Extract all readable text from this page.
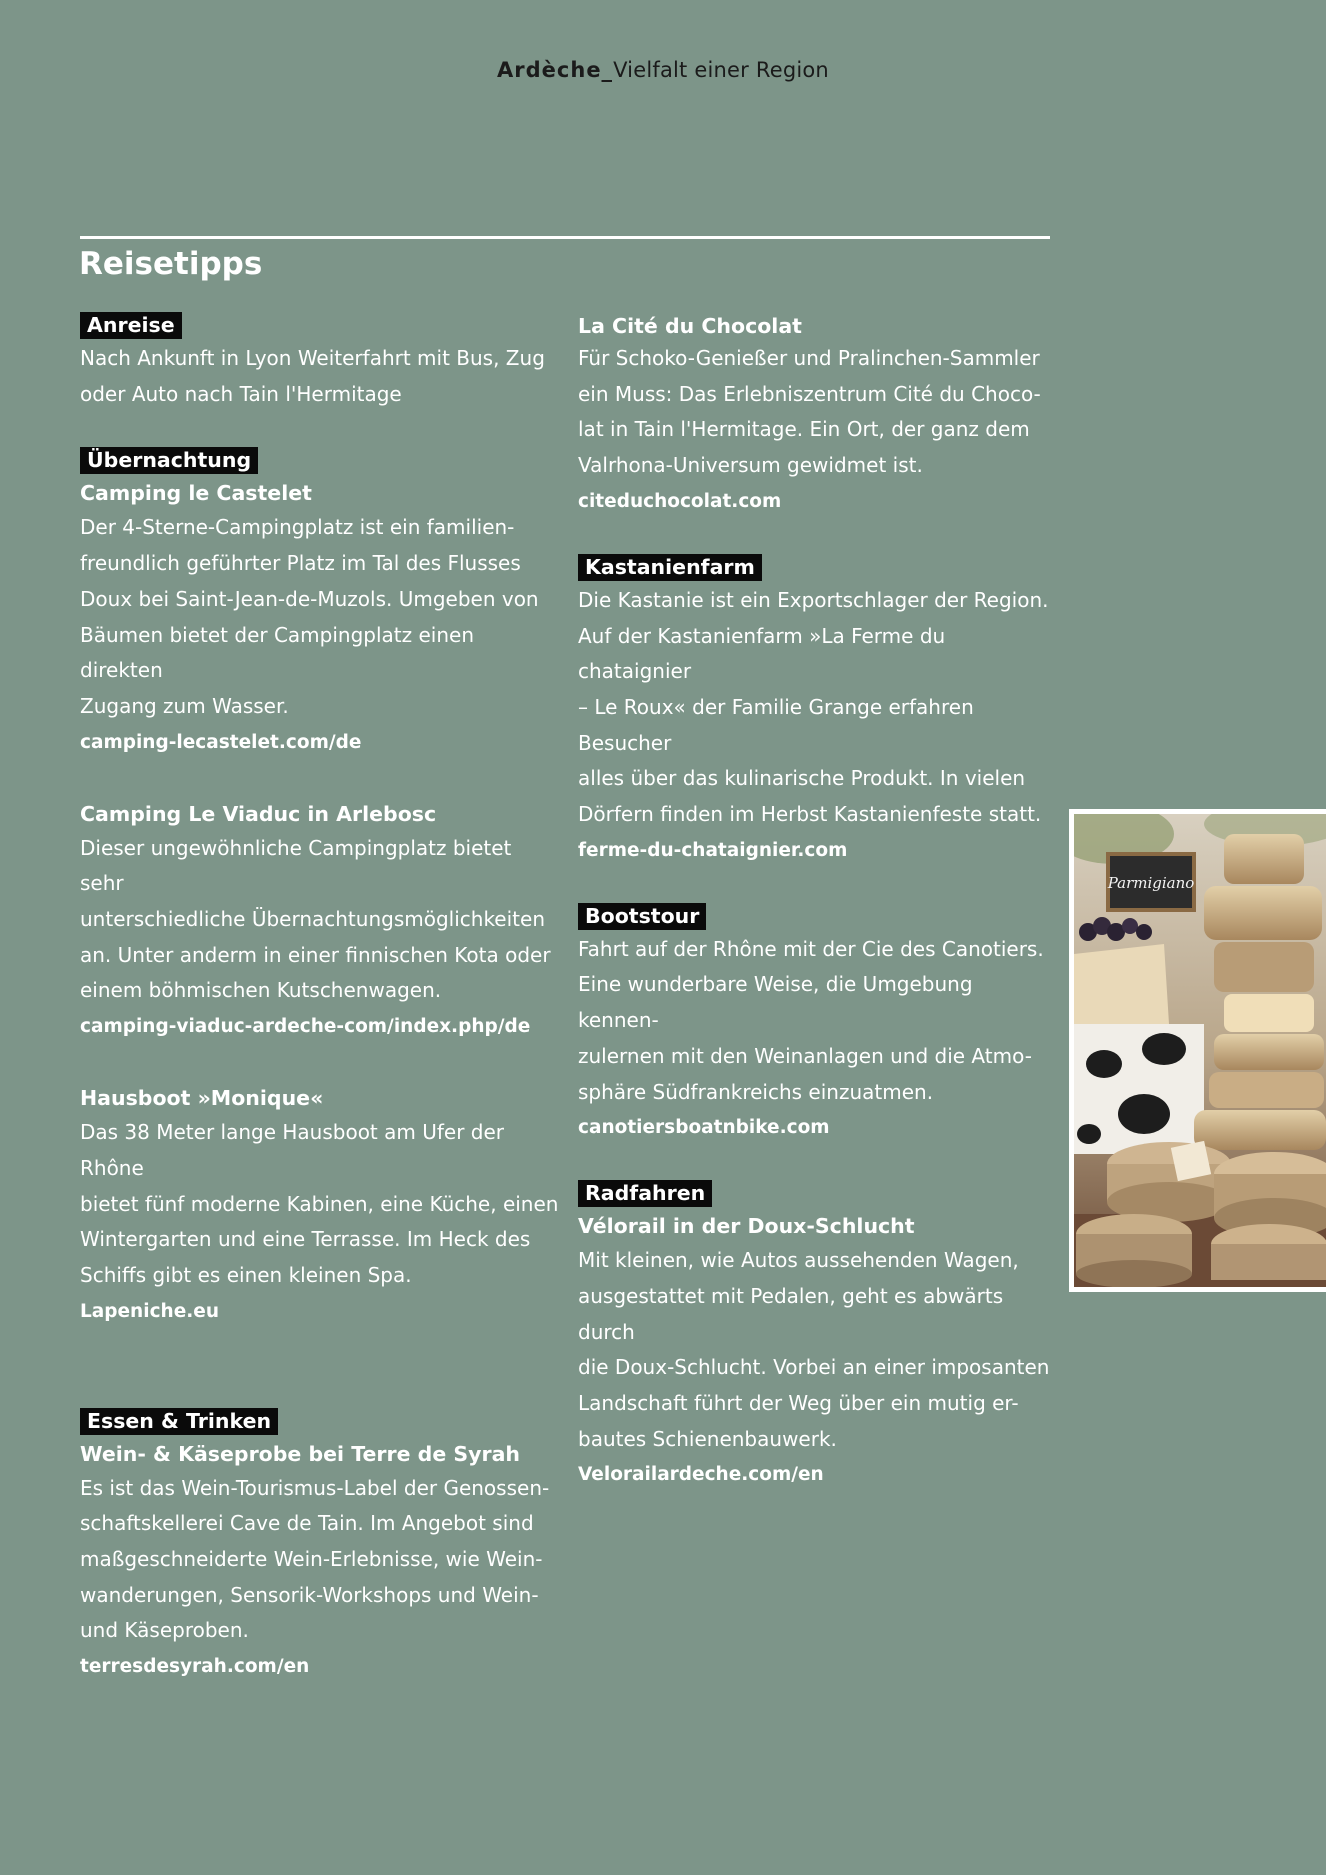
Ardèche_Vielfalt einer Region
Reisetipps
Anreise

Nach Ankunft in Lyon Weiterfahrt mit Bus, Zug
oder Auto nach Tain l'Hermitage

Übernachtung
Camping le Castelet

Der 4-Sterne-Campingplatz ist ein familien-
freundlich geführter Platz im Tal des Flusses
Doux bei Saint-Jean-de-Muzols. Umgeben von
Bäumen bietet der Campingplatz einen direkten
Zugang zum Wasser.

camping-lecastelet.com/de
Camping Le Viaduc in Arlebosc

Dieser ungewöhnliche Campingplatz bietet sehr
unterschiedliche Übernachtungsmöglichkeiten
an. Unter anderm in einer finnischen Kota oder
einem böhmischen Kutschenwagen.

camping-viaduc-ardeche-com/index.php/de
Hausboot »Monique«

Das 38 Meter lange Hausboot am Ufer der Rhône
bietet fünf moderne Kabinen, eine Küche, einen
Wintergarten und eine Terrasse. Im Heck des
Schiffs gibt es einen kleinen Spa.

Lapeniche.eu
Essen & Trinken
Wein- & Käseprobe bei Terre de Syrah

Es ist das Wein-Tourismus-Label der Genossen-
schaftskellerei Cave de Tain. Im Angebot sind
maßgeschneiderte Wein-Erlebnisse, wie Wein-
wanderungen, Sensorik-Workshops und Wein-
und Käseproben.

terresdesyrah.com/en
La Cité du Chocolat

Für Schoko-Genießer und Pralinchen-Sammler
ein Muss: Das Erlebniszentrum Cité du Choco-
lat in Tain l'Hermitage. Ein Ort, der ganz dem
Valrhona-Universum gewidmet ist.

citeduchocolat.com
Kastanienfarm

Die Kastanie ist ein Exportschlager der Region.
Auf der Kastanienfarm »La Ferme du chataignier
– Le Roux« der Familie Grange erfahren Besucher
alles über das kulinarische Produkt. In vielen
Dörfern finden im Herbst Kastanienfeste statt.

ferme-du-chataignier.com
Bootstour

Fahrt auf der Rhône mit der Cie des Canotiers.
Eine wunderbare Weise, die Umgebung kennen-
zulernen mit den Weinanlagen und die Atmo-
sphäre Südfrankreichs einzuatmen.

canotiersboatnbike.com
Radfahren
Vélorail in der Doux-Schlucht

Mit kleinen, wie Autos aussehenden Wagen,
ausgestattet mit Pedalen, geht es abwärts durch
die Doux-Schlucht. Vorbei an einer imposanten
Landschaft führt der Weg über ein mutig er-
bautes Schienenbauwerk.

Velorailardeche.com/en
Parmigiano
